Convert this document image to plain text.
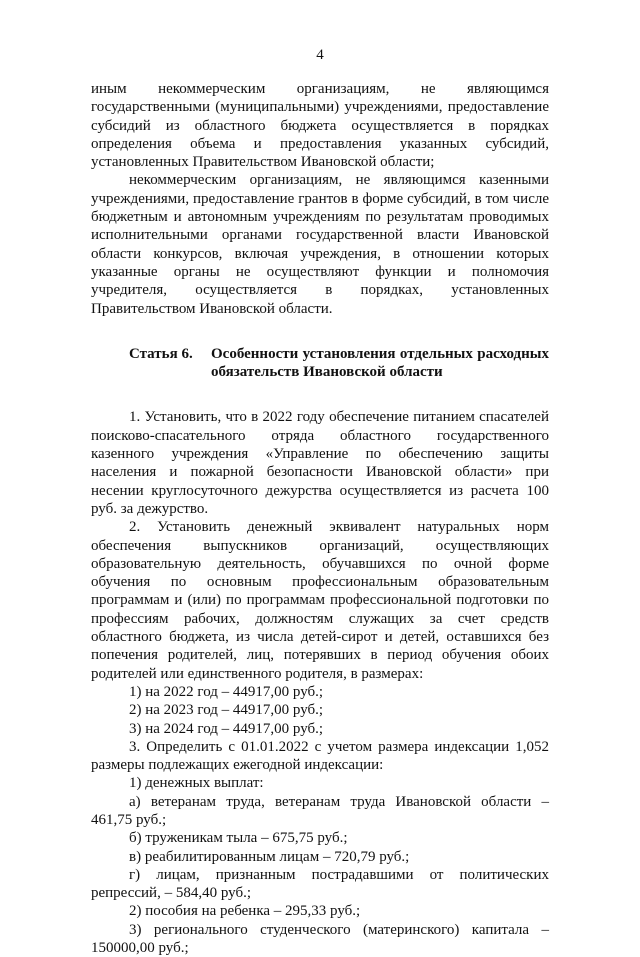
4

иным некоммерческим организациям, не являющимся государственными (муниципальными) учреждениями, предоставление субсидий из областного бюджета осуществляется в порядках определения объема и предоставления указанных субсидий, установленных Правительством Ивановской области;

некоммерческим организациям, не являющимся казенными учреждениями, предоставление грантов в форме субсидий, в том числе бюджетным и автономным учреждениям по результатам проводимых исполнительными органами государственной власти Ивановской области конкурсов, включая учреждения, в отношении которых указанные органы не осуществляют функции и полномочия учредителя, осуществляется в порядках, установленных Правительством Ивановской области.

Статья 6.	Особенности установления отдельных расходных
обязательств Ивановской области

1. Установить, что в 2022 году обеспечение питанием спасателей поисково-спасательного отряда областного государственного казенного учреждения «Управление по обеспечению защиты населения и пожарной безопасности Ивановской области» при несении круглосуточного дежурства осуществляется из расчета 100 руб. за дежурство.

2. Установить денежный эквивалент натуральных норм обеспечения выпускников организаций, осуществляющих образовательную деятельность, обучавшихся по очной форме обучения по основным профессиональным образовательным программам и (или) по программам профессиональной подготовки по профессиям рабочих, должностям служащих за счет средств областного бюджета, из числа детей-сирот и детей, оставшихся без попечения родителей, лиц, потерявших в период обучения обоих родителей или единственного родителя, в размерах:

1) на 2022 год – 44917,00 руб.;

2) на 2023 год – 44917,00 руб.;

3) на 2024 год – 44917,00 руб.;

3. Определить с 01.01.2022 с учетом размера индексации 1,052 размеры подлежащих ежегодной индексации:

1) денежных выплат:

а) ветеранам труда, ветеранам труда Ивановской области – 461,75 руб.;

б) труженикам тыла – 675,75 руб.;

в) реабилитированным лицам – 720,79 руб.;

г) лицам, признанным пострадавшими от политических репрессий, – 584,40 руб.;

2) пособия на ребенка – 295,33 руб.;

3) регионального студенческого (материнского) капитала – 150000,00 руб.;
